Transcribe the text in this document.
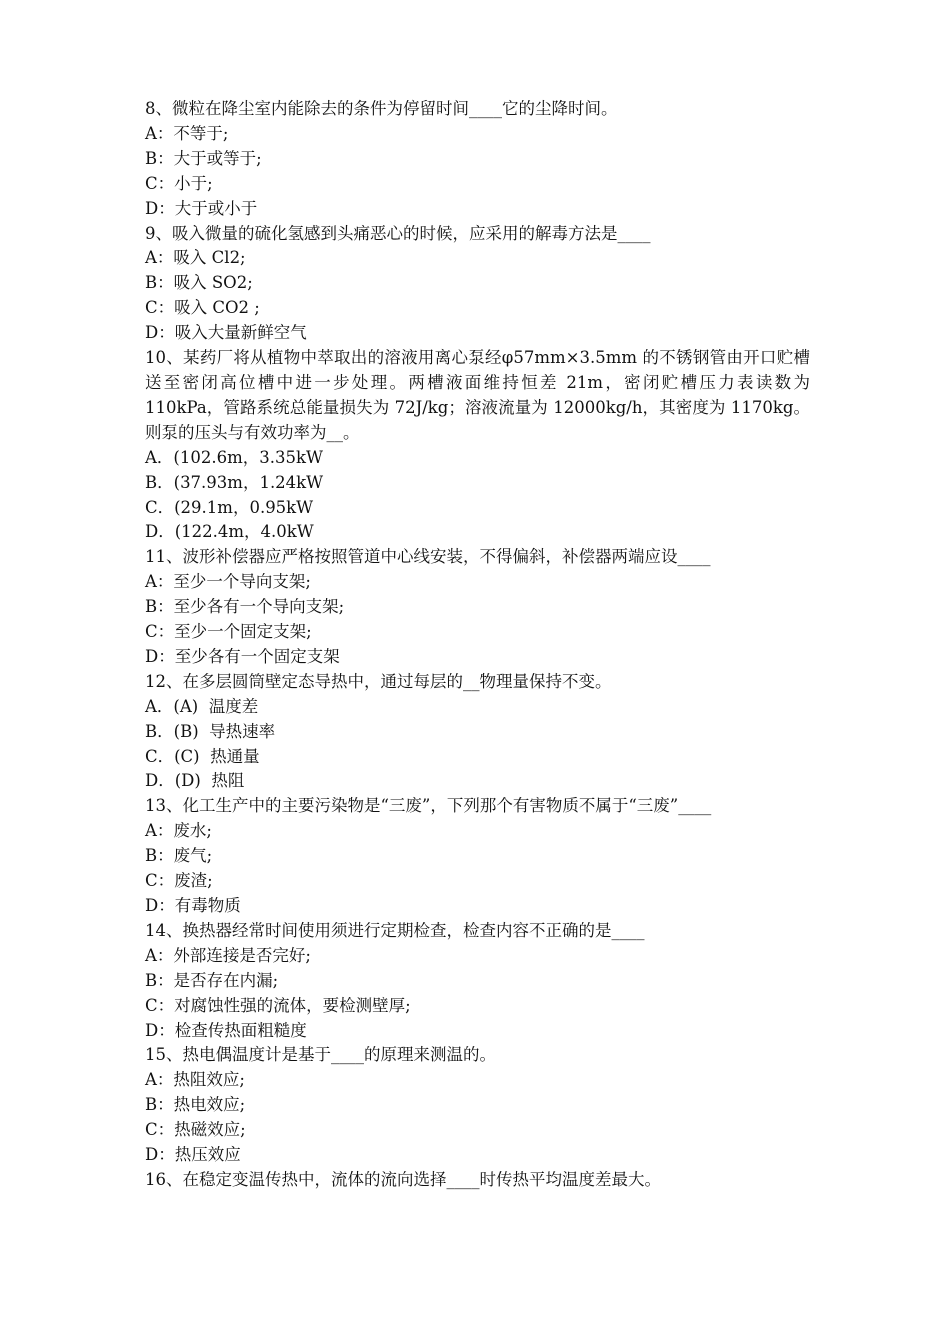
8、微粒在降尘室内能除去的条件为停留时间____它的尘降时间。
A：不等于;
B：大于或等于;
C：小于;
D：大于或小于
9、吸入微量的硫化氢感到头痛恶心的时候，应采用的解毒方法是____
A：吸入 Cl2;
B：吸入 SO2;
C：吸入 CO2 ;
D：吸入大量新鲜空气
10、某药厂将从植物中萃取出的溶液用离心泵经φ57mm×3.5mm 的不锈钢管由开口贮槽送至密闭高位槽中进一步处理。两槽液面维持恒差 21m，密闭贮槽压力表读数为 110kPa，管路系统总能量损失为 72J/kg；溶液流量为 12000kg/h，其密度为 1170kg。则泵的压头与有效功率为__。
A．(102.6m，3.35kW
B．(37.93m，1.24kW
C．(29.1m，0.95kW
D．(122.4m，4.0kW
11、波形补偿器应严格按照管道中心线安装，不得偏斜，补偿器两端应设____
A：至少一个导向支架;
B：至少各有一个导向支架;
C：至少一个固定支架;
D：至少各有一个固定支架
12、在多层圆筒壁定态导热中，通过每层的__物理量保持不变。
A．(A)  温度差
B．(B)  导热速率
C．(C)  热通量
D．(D)  热阻
13、化工生产中的主要污染物是“三废”，下列那个有害物质不属于“三废”____
A：废水;
B：废气;
C：废渣;
D：有毒物质
14、换热器经常时间使用须进行定期检查，检查内容不正确的是____
A：外部连接是否完好;
B：是否存在内漏;
C：对腐蚀性强的流体，要检测壁厚;
D：检查传热面粗糙度
15、热电偶温度计是基于____的原理来测温的。
A：热阻效应;
B：热电效应;
C：热磁效应;
D：热压效应
16、在稳定变温传热中，流体的流向选择____时传热平均温度差最大。
